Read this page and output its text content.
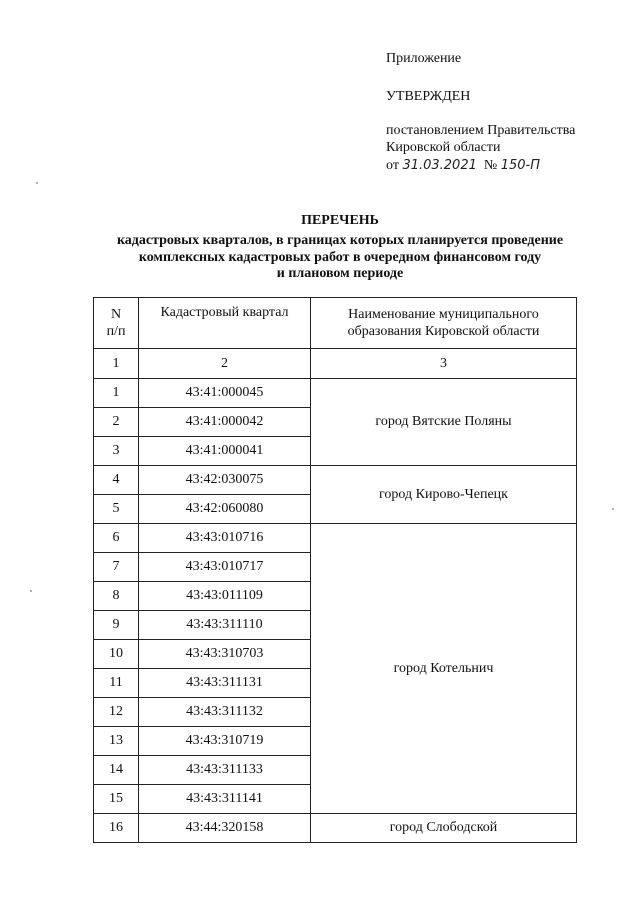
Приложение
УТВЕРЖДЕН
постановлением Правительства
Кировской области
от 31.03.2021 № 150-П
ПЕРЕЧЕНЬ
кадастровых кварталов, в границах которых планируется проведение
комплексных кадастровых работ в очередном финансовом году
и плановом периоде
N
п/п	Кадастровый квартал	Наименование муниципального
образования Кировской области
1	2	3
1	43:41:000045	город Вятские Поляны
2	43:41:000042	
3	43:41:000041	
4	43:42:030075	город Кирово-Чепецк
5	43:42:060080	
6	43:43:010716	город Котельнич
7	43:43:010717	
8	43:43:011109	
9	43:43:311110	
10	43:43:310703	
11	43:43:311131	
12	43:43:311132	
13	43:43:310719	
14	43:43:311133	
15	43:43:311141	
16	43:44:320158	город Слободской
